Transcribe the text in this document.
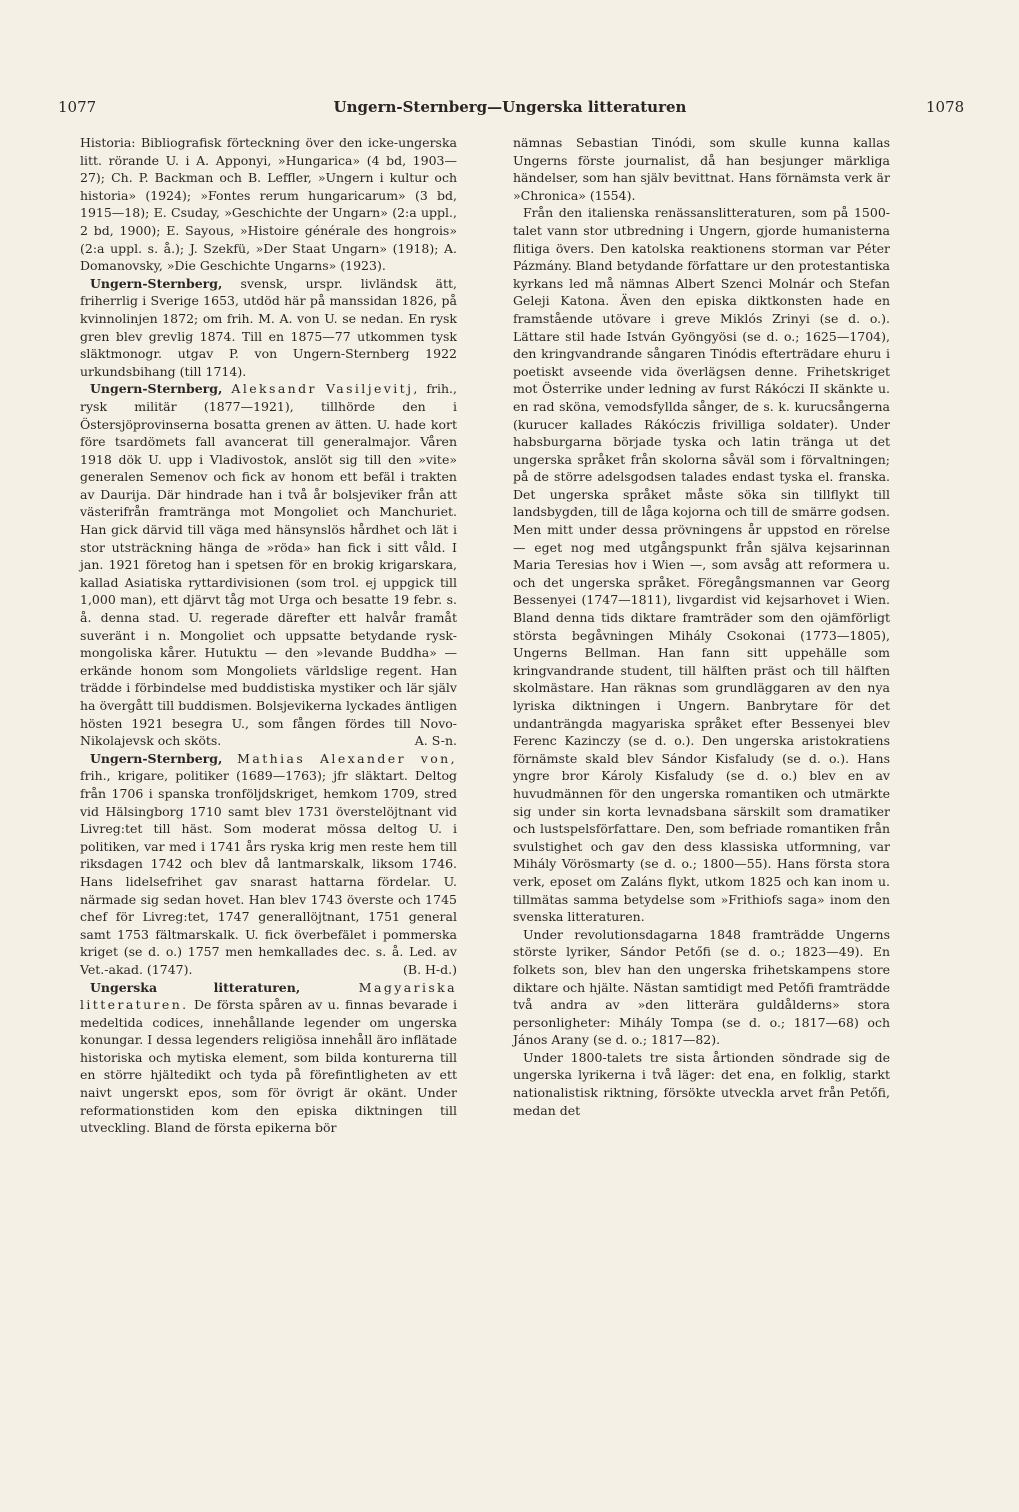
1077	Ungern-Sternberg—Ungerska litteraturen	1078

Historia: Bibliografisk förteckning över den icke-ungerska litt. rörande U. i A. Apponyi, »Hungarica» (4 bd, 1903—27); Ch. P. Backman och B. Leffler, »Ungern i kultur och historia» (1924); »Fontes rerum hungaricarum» (3 bd, 1915—18); E. Csuday, »Geschichte der Ungarn» (2:a uppl., 2 bd, 1900); E. Sayous, »Histoire générale des hongrois» (2:a uppl. s. å.); J. Szekfü, »Der Staat Ungarn» (1918); A. Domanovsky, »Die Geschichte Ungarns» (1923).

Ungern-Sternberg, svensk, urspr. livländsk ätt, friherrlig i Sverige 1653, utdöd här på manssidan 1826, på kvinnolinjen 1872; om frih. M. A. von U. se nedan. En rysk gren blev grevlig 1874. Till en 1875—77 utkommen tysk släktmonogr. utgav P. von Ungern-Sternberg 1922 urkundsbihang (till 1714).

Ungern-Sternberg, Aleksandr Vasiljevitj, frih., rysk militär (1877—1921), tillhörde den i Östersjöprovinserna bosatta grenen av ätten. U. hade kort före tsardömets fall avancerat till generalmajor. Våren 1918 dök U. upp i Vladivostok, anslöt sig till den »vite» generalen Semenov och fick av honom ett befäl i trakten av Daurija. Där hindrade han i två år bolsjeviker från att västerifrån framtränga mot Mongoliet och Manchuriet. Han gick därvid till väga med hänsynslös hårdhet och lät i stor utsträckning hänga de »röda» han fick i sitt våld. I jan. 1921 företog han i spetsen för en brokig krigarskara, kallad Asiatiska ryttardivisionen (som trol. ej uppgick till 1,000 man), ett djärvt tåg mot Urga och besatte 19 febr. s. å. denna stad. U. regerade därefter ett halvår framåt suveränt i n. Mongoliet och uppsatte betydande rysk-mongoliska kårer. Hutuktu — den »levande Buddha» — erkände honom som Mongoliets världslige regent. Han trädde i förbindelse med buddistiska mystiker och lär själv ha övergått till buddismen. Bolsjevikerna lyckades äntligen hösten 1921 besegra U., som fången fördes till Novo-Nikolajevsk och sköts.	A. S-n.

Ungern-Sternberg, Mathias Alexander von, frih., krigare, politiker (1689—1763); jfr släktart. Deltog från 1706 i spanska tronföljdskriget, hemkom 1709, stred vid Hälsingborg 1710 samt blev 1731 överstelöjtnant vid Livreg:tet till häst. Som moderat mössa deltog U. i politiken, var med i 1741 års ryska krig men reste hem till riksdagen 1742 och blev då lantmarskalk, liksom 1746. Hans lidelsefrihet gav snarast hattarna fördelar. U. närmade sig sedan hovet. Han blev 1743 överste och 1745 chef för Livreg:tet, 1747 generallöjtnant, 1751 general samt 1753 fältmarskalk. U. fick överbefälet i pommerska kriget (se d. o.) 1757 men hemkallades dec. s. å. Led. av Vet.-akad. (1747).	(B. H-d.)

Ungerska litteraturen, Magyariska litteraturen. De första spåren av u. finnas bevarade i medeltida codices, innehållande legender om ungerska konungar. I dessa legenders religiösa innehåll äro inflätade historiska och mytiska element, som bilda konturerna till en större hjältedikt och tyda på förefintligheten av ett naivt ungerskt epos, som för övrigt är okänt. Under reformationstiden kom den episka diktningen till utveckling. Bland de första epikerna bör

nämnas Sebastian Tinódi, som skulle kunna kallas Ungerns förste journalist, då han besjunger märkliga händelser, som han själv bevittnat. Hans förnämsta verk är »Chronica» (1554).

Från den italienska renässanslitteraturen, som på 1500-talet vann stor utbredning i Ungern, gjorde humanisterna flitiga övers. Den katolska reaktionens storman var Péter Pázmány. Bland betydande författare ur den protestantiska kyrkans led må nämnas Albert Szenci Molnár och Stefan Geleji Katona. Även den episka diktkonsten hade en framstående utövare i greve Miklós Zrinyi (se d. o.). Lättare stil hade István Gyöngyösi (se d. o.; 1625—1704), den kringvandrande sångaren Tinódis efterträdare ehuru i poetiskt avseende vida överlägsen denne. Frihetskriget mot Österrike under ledning av furst Rákóczi II skänkte u. en rad sköna, vemodsfyllda sånger, de s. k. kurucsångerna (kurucer kallades Rákóczis frivilliga soldater). Under habsburgarna började tyska och latin tränga ut det ungerska språket från skolorna såväl som i förvaltningen; på de större adelsgodsen talades endast tyska el. franska. Det ungerska språket måste söka sin tillflykt till landsbygden, till de låga kojorna och till de smärre godsen. Men mitt under dessa prövningens år uppstod en rörelse — eget nog med utgångspunkt från själva kejsarinnan Maria Teresias hov i Wien —, som avsåg att reformera u. och det ungerska språket. Föregångsmannen var Georg Bessenyei (1747—1811), livgardist vid kejsarhovet i Wien. Bland denna tids diktare framträder som den ojämförligt största begåvningen Mihály Csokonai (1773—1805), Ungerns Bellman. Han fann sitt uppehälle som kringvandrande student, till hälften präst och till hälften skolmästare. Han räknas som grundläggaren av den nya lyriska diktningen i Ungern. Banbrytare för det undanträngda magyariska språket efter Bessenyei blev Ferenc Kazinczy (se d. o.). Den ungerska aristokratiens förnämste skald blev Sándor Kisfaludy (se d. o.). Hans yngre bror Károly Kisfaludy (se d. o.) blev en av huvudmännen för den ungerska romantiken och utmärkte sig under sin korta levnadsbana särskilt som dramatiker och lustspelsförfattare. Den, som befriade romantiken från svulstighet och gav den dess klassiska utformning, var Mihály Vörösmarty (se d. o.; 1800—55). Hans första stora verk, eposet om Zaláns flykt, utkom 1825 och kan inom u. tillmätas samma betydelse som »Frithiofs saga» inom den svenska litteraturen.

Under revolutionsdagarna 1848 framträdde Ungerns störste lyriker, Sándor Petőfi (se d. o.; 1823—49). En folkets son, blev han den ungerska frihetskampens store diktare och hjälte. Nästan samtidigt med Petőfi framträdde två andra av »den litterära guldålderns» stora personligheter: Mihály Tompa (se d. o.; 1817—68) och János Arany (se d. o.; 1817—82).

Under 1800-talets tre sista årtionden söndrade sig de ungerska lyrikerna i två läger: det ena, en folklig, starkt nationalistisk riktning, försökte utveckla arvet från Petőfi, medan det
